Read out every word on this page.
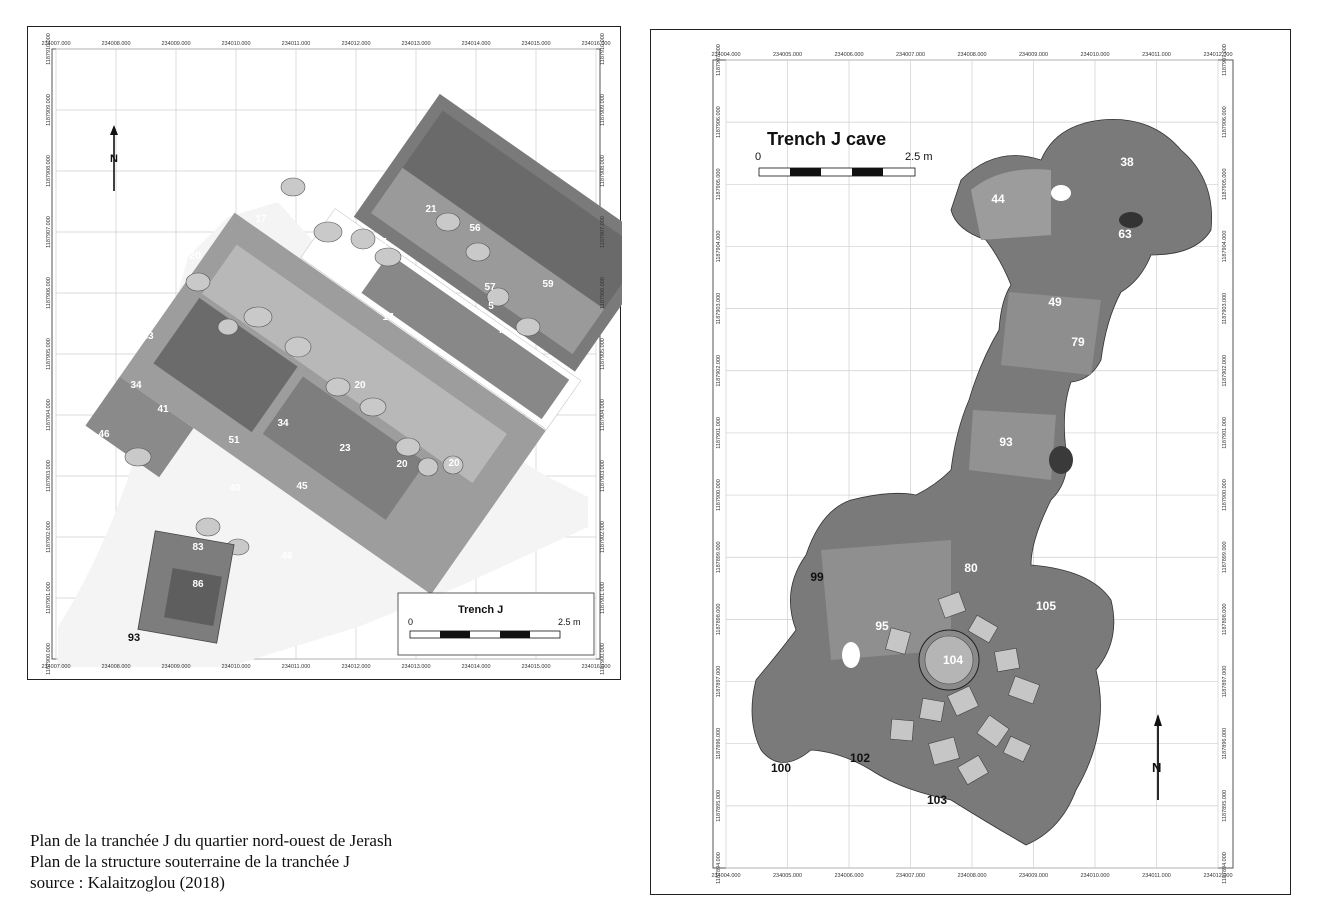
N
Trench J
0	2.5 m
234007.000	234008.000	234009.000	234010.000	234011.000	234012.000	234013.000	234014.000	234015.000	234016.000
234007.000	234008.000	234009.000	234010.000	234011.000	234012.000	234013.000	234014.000	234015.000	234016.000
1187910.000	1187910.000
1187909.000	1187909.000
1187908.000	1187908.000
1187907.000	1187907.000
1187906.000	1187906.000
1187905.000	1187905.000
1187904.000	1187904.000
1187903.000	1187903.000
1187902.000	1187902.000
1187901.000	1187901.000
1187900.000	1187900.000
6	9
4
21
17
5
56
20
57	59
5
7
17
7
33
34
41
20
34
51
23
46
20	20
40	45
46
83
86
93
N
Trench J cave
0	2.5 m
234004.000	234005.000	234006.000	234007.000	234008.000	234009.000	234010.000	234011.000	234012.000
234004.000	234005.000	234006.000	234007.000	234008.000	234009.000	234010.000	234011.000	234012.000
1187907.000	1187907.000
1187906.000	1187906.000
1187905.000	1187905.000
1187904.000	1187904.000
1187903.000	1187903.000
1187902.000	1187902.000
1187901.000	1187901.000
1187900.000	1187900.000
1187899.000	1187899.000
1187898.000	1187898.000
1187897.000	1187897.000
1187896.000	1187896.000
1187895.000	1187895.000
1187894.000	1187894.000
38
44
63
49
79
93
80
99
105
95
104
100
102
103
Plan de la tranchée J du quartier nord-ouest de Jerash
Plan de la structure souterraine de la tranchée J
source : Kalaitzoglou (2018)
